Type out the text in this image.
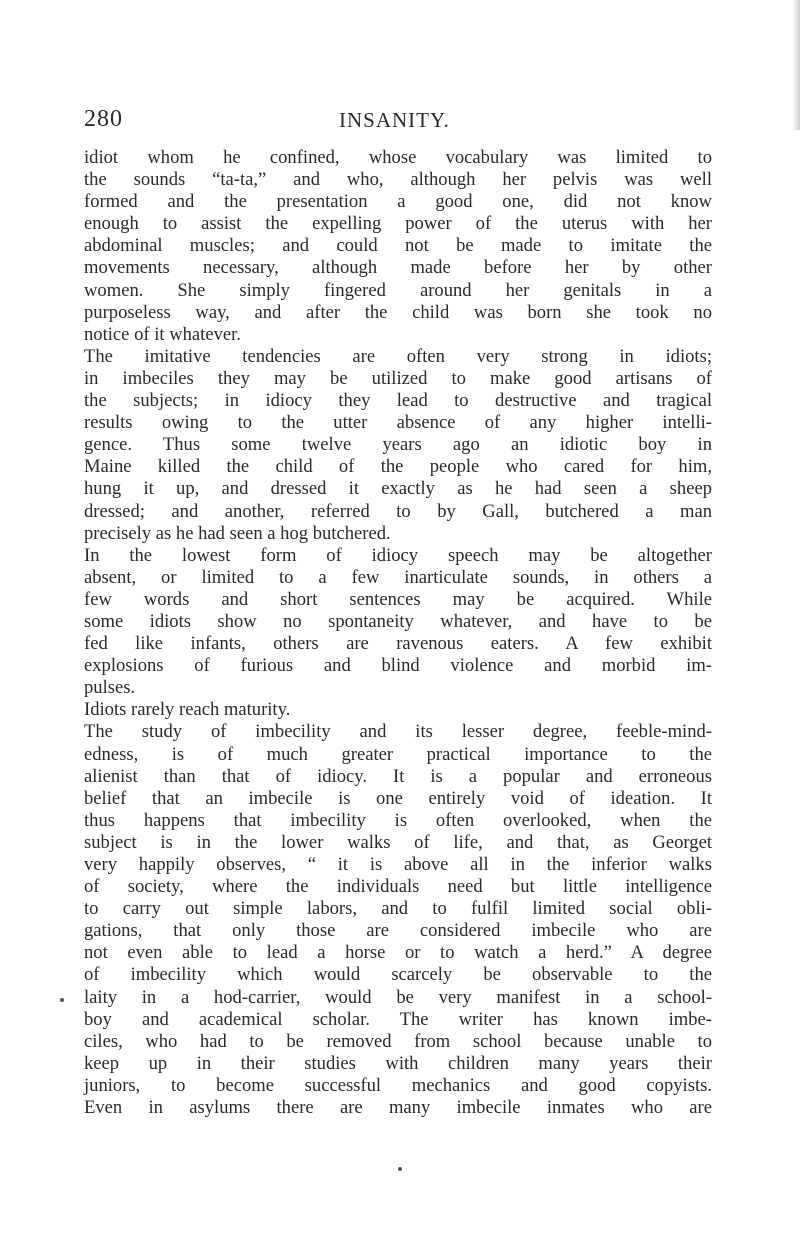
280	INSANITY.
idiot whom he confined, whose vocabulary was limited to
the sounds “ta-ta,” and who, although her pelvis was well
formed and the presentation a good one, did not know
enough to assist the expelling power of the uterus with her
abdominal muscles; and could not be made to imitate the
movements necessary, although made before her by other
women. She simply fingered around her genitals in a
purposeless way, and after the child was born she took no
notice of it whatever.
The imitative tendencies are often very strong in idiots;
in imbeciles they may be utilized to make good artisans of
the subjects; in idiocy they lead to destructive and tragical
results owing to the utter absence of any higher intelli-
gence. Thus some twelve years ago an idiotic boy in
Maine killed the child of the people who cared for him,
hung it up, and dressed it exactly as he had seen a sheep
dressed; and another, referred to by Gall, butchered a man
precisely as he had seen a hog butchered.
In the lowest form of idiocy speech may be altogether
absent, or limited to a few inarticulate sounds, in others a
few words and short sentences may be acquired. While
some idiots show no spontaneity whatever, and have to be
fed like infants, others are ravenous eaters. A few exhibit
explosions of furious and blind violence and morbid im-
pulses.
Idiots rarely reach maturity.
The study of imbecility and its lesser degree, feeble-mind-
edness, is of much greater practical importance to the
alienist than that of idiocy. It is a popular and erroneous
belief that an imbecile is one entirely void of ideation. It
thus happens that imbecility is often overlooked, when the
subject is in the lower walks of life, and that, as Georget
very happily observes, “ it is above all in the inferior walks
of society, where the individuals need but little intelligence
to carry out simple labors, and to fulfil limited social obli-
gations, that only those are considered imbecile who are
not even able to lead a horse or to watch a herd.” A degree
of imbecility which would scarcely be observable to the
laity in a hod-carrier, would be very manifest in a school-
boy and academical scholar. The writer has known imbe-
ciles, who had to be removed from school because unable to
keep up in their studies with children many years their
juniors, to become successful mechanics and good copyists.
Even in asylums there are many imbecile inmates who are
